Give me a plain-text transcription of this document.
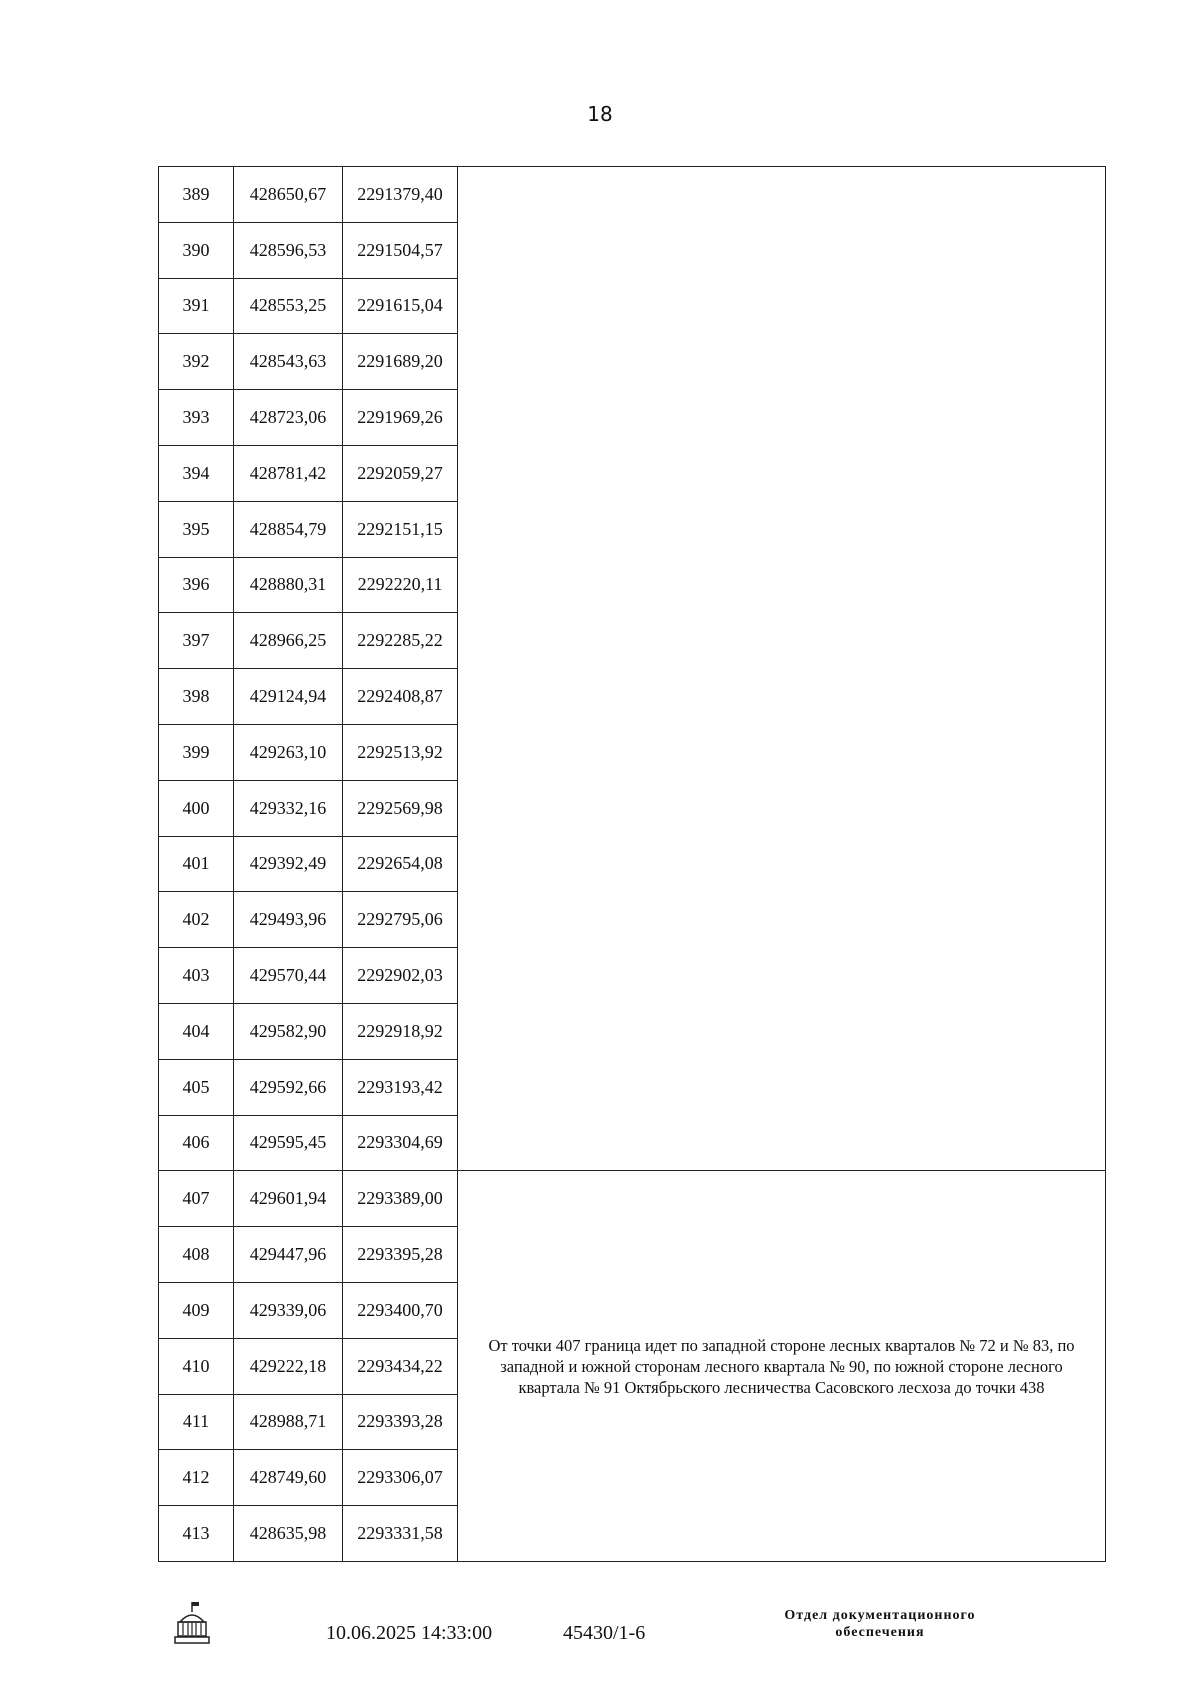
18
389	428650,67	2291379,40	
390	428596,53	2291504,57	
391	428553,25	2291615,04	
392	428543,63	2291689,20	
393	428723,06	2291969,26	
394	428781,42	2292059,27	
395	428854,79	2292151,15	
396	428880,31	2292220,11	
397	428966,25	2292285,22	
398	429124,94	2292408,87	
399	429263,10	2292513,92	
400	429332,16	2292569,98	
401	429392,49	2292654,08	
402	429493,96	2292795,06	
403	429570,44	2292902,03	
404	429582,90	2292918,92	
405	429592,66	2293193,42	
406	429595,45	2293304,69	
407	429601,94	2293389,00	От точки 407 граница идет по западной стороне лесных кварталов № 72 и № 83, по западной и южной сторонам лесного квартала № 90, по южной стороне лесного квартала № 91 Октябрьского лесничества Сасовского лесхоза до точки 438
408	429447,96	2293395,28	
409	429339,06	2293400,70	
410	429222,18	2293434,22	
411	428988,71	2293393,28	
412	428749,60	2293306,07	
413	428635,98	2293331,58	
10.06.2025 14:33:00	45430/1-6
Отдел документационного
обеспечения
